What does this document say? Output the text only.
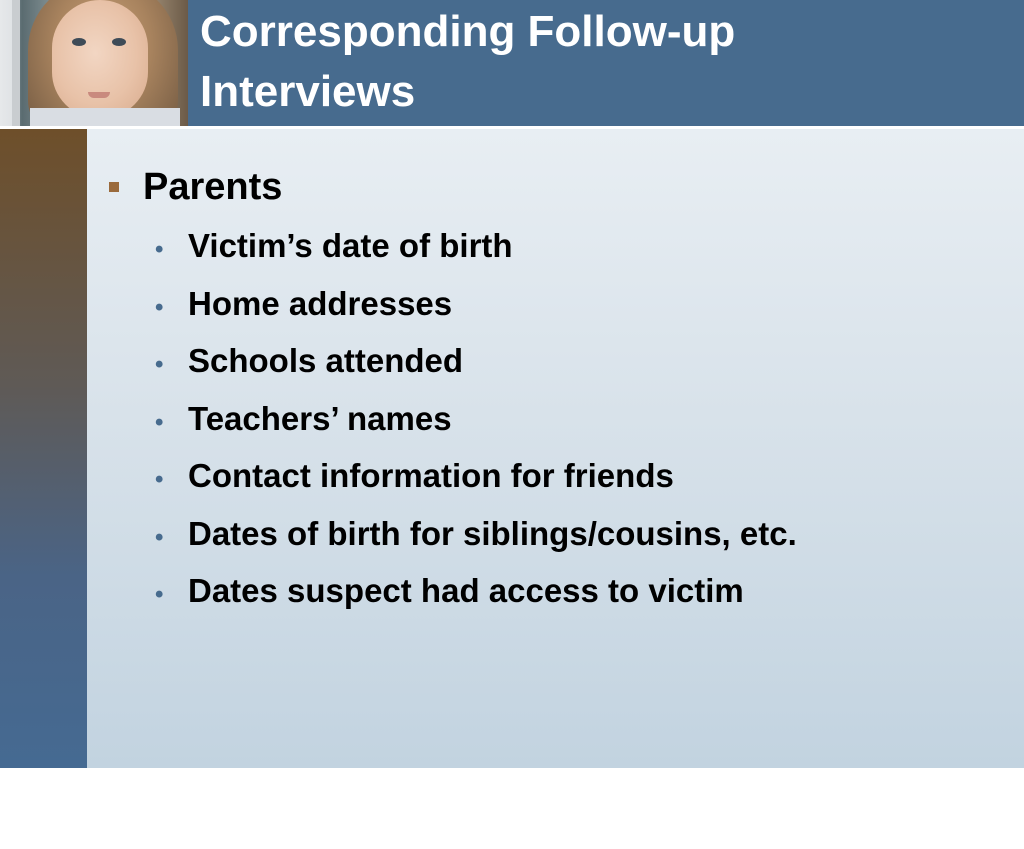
Corresponding Follow-up
Interviews
#3
Parents
• Victim’s date of birth
• Home addresses
• Schools attended
• Teachers’ names
• Contact information for friends
• Dates of birth for siblings/cousins, etc.
• Dates suspect had access to victim
